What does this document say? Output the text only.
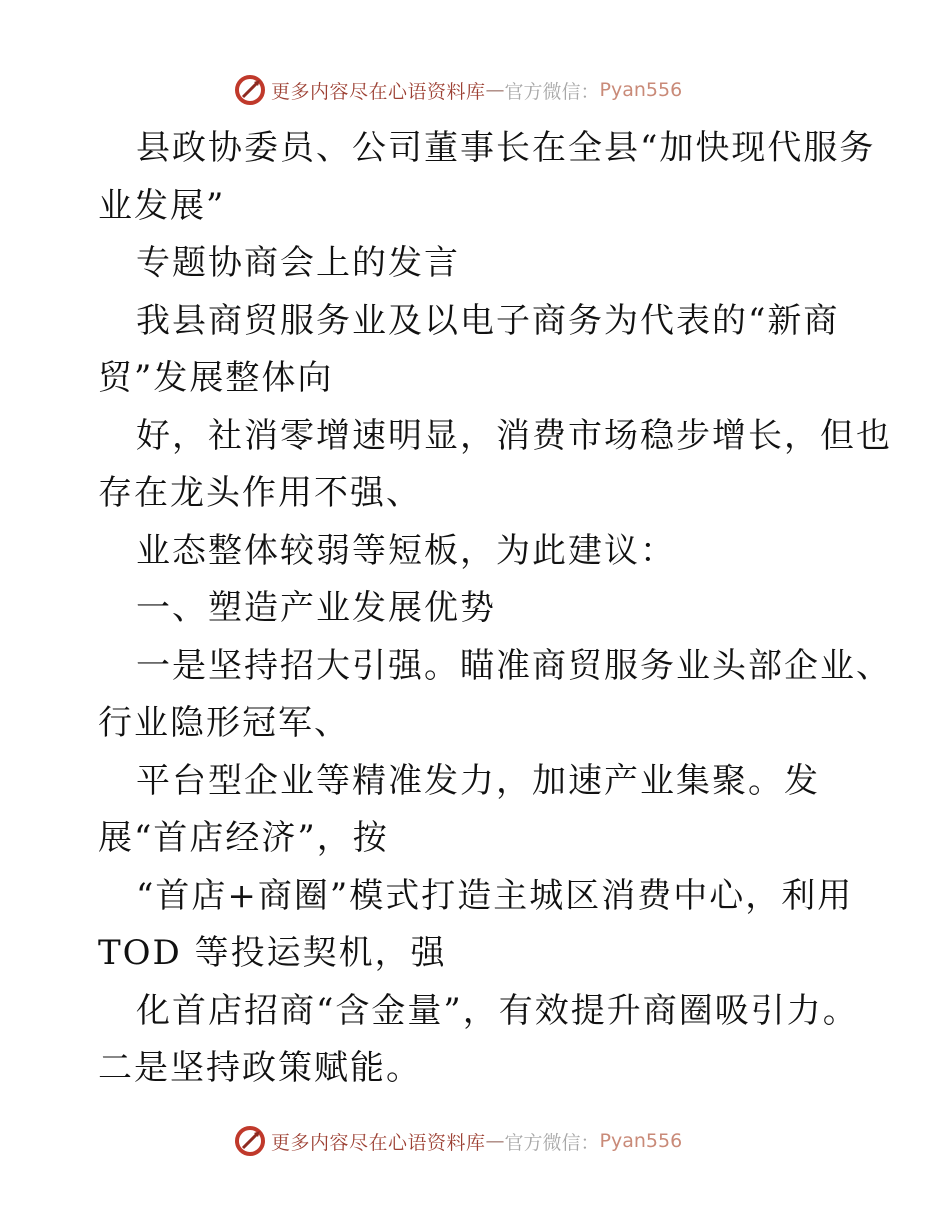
更多内容尽在心语资料库 — 官方微信： Pyan556
县政协委员、公司董事长在全县“加快现代服务
业发展”
专题协商会上的发言
我县商贸服务业及以电子商务为代表的“新商
贸”发展整体向
好，社消零增速明显，消费市场稳步增长，但也
存在龙头作用不强、
业态整体较弱等短板，为此建议：
一、塑造产业发展优势
一是坚持招大引强。瞄准商贸服务业头部企业、
行业隐形冠军、
平台型企业等精准发力，加速产业集聚。发
展“首店经济”，按
“首店+商圈”模式打造主城区消费中心，利用
TOD 等投运契机，强
化首店招商“含金量”，有效提升商圈吸引力。
二是坚持政策赋能。
更多内容尽在心语资料库 — 官方微信： Pyan556
